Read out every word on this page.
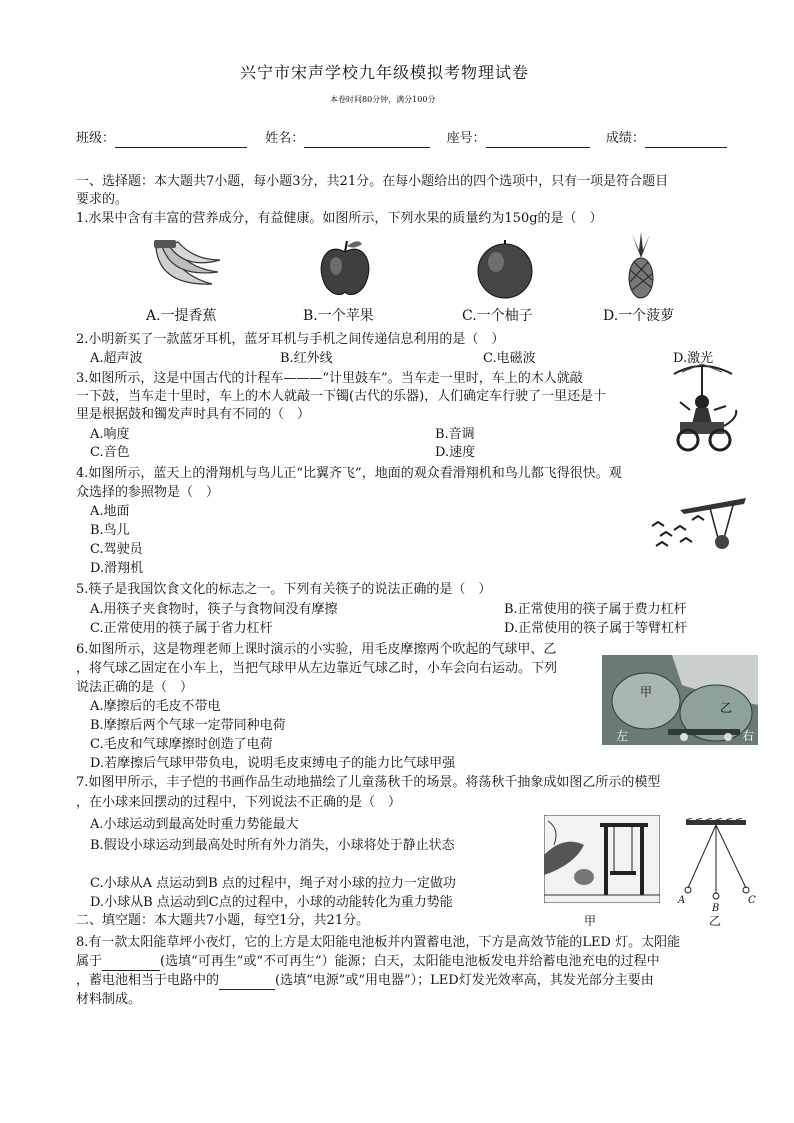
兴宁市宋声学校九年级模拟考物理试卷
本卷时间80分钟，满分100分
班级：	姓名：	座号：	成绩：
一、选择题：本大题共7小题，每小题3分，共21分。在每小题给出的四个选项中，只有一项是符合题目
要求的。
1.水果中含有丰富的营养成分，有益健康。如图所示，下列水果的质量约为150g的是（　）
A.一提香蕉	B.一个苹果	C.一个柚子	D.一个菠萝
2.小明新买了一款蓝牙耳机，蓝牙耳机与手机之间传递信息利用的是（　）
A.超声波	B.红外线	C.电磁波	D.激光
3.如图所示，这是中国古代的计程车———“计里鼓车”。当车走一里时，车上的木人就敲
一下鼓，当车走十里时，车上的木人就敲一下镯(古代的乐器)，人们确定车行驶了一里还是十
里是根据鼓和镯发声时具有不同的（　）
A.响度	B.音调
C.音色	D.速度
4.如图所示，蓝天上的滑翔机与鸟儿正“比翼齐飞”，地面的观众看滑翔机和鸟儿都飞得很快。观
众选择的参照物是（　）
A.地面
B.鸟儿
C.驾驶员
D.滑翔机
5.筷子是我国饮食文化的标志之一。下列有关筷子的说法正确的是（　）
A.用筷子夹食物时，筷子与食物间没有摩擦	B.正常使用的筷子属于费力杠杆
C.正常使用的筷子属于省力杠杆	D.正常使用的筷子属于等臂杠杆
6.如图所示，这是物理老师上课时演示的小实验，用毛皮摩擦两个吹起的气球甲、乙
，将气球乙固定在小车上，当把气球甲从左边靠近气球乙时，小车会向右运动。下列
说法正确的是（　）
A.摩擦后的毛皮不带电
B.摩擦后两个气球一定带同种电荷
C.毛皮和气球摩擦时创造了电荷
D.若摩擦后气球甲带负电，说明毛皮束缚电子的能力比气球甲强
甲
乙
左	右
7.如图甲所示，丰子恺的书画作品生动地描绘了儿童荡秋千的场景。将荡秋千抽象成如图乙所示的模型
，在小球来回摆动的过程中，下列说法不正确的是（　）
A.小球运动到最高处时重力势能最大
B.假设小球运动到最高处时所有外力消失，小球将处于静止状态
C.小球从A 点运动到B 点的过程中，绳子对小球的拉力一定做功
D.小球从B 点运动到C点的过程中，小球的动能转化为重力势能
甲
A
B
C
乙
二、填空题：本大题共7小题，每空1分，共21分。
8.有一款太阳能草坪小夜灯，它的上方是太阳能电池板并内置蓄电池，下方是高效节能的LED 灯。太阳能
属于	(选填“可再生”或“不可再生”）能源；白天，太阳能电池板发电并给蓄电池充电的过程中
，蓄电池相当于电路中的	(选填“电源”或“用电器”）；LED灯发光效率高，其发光部分主要由
材料制成。
